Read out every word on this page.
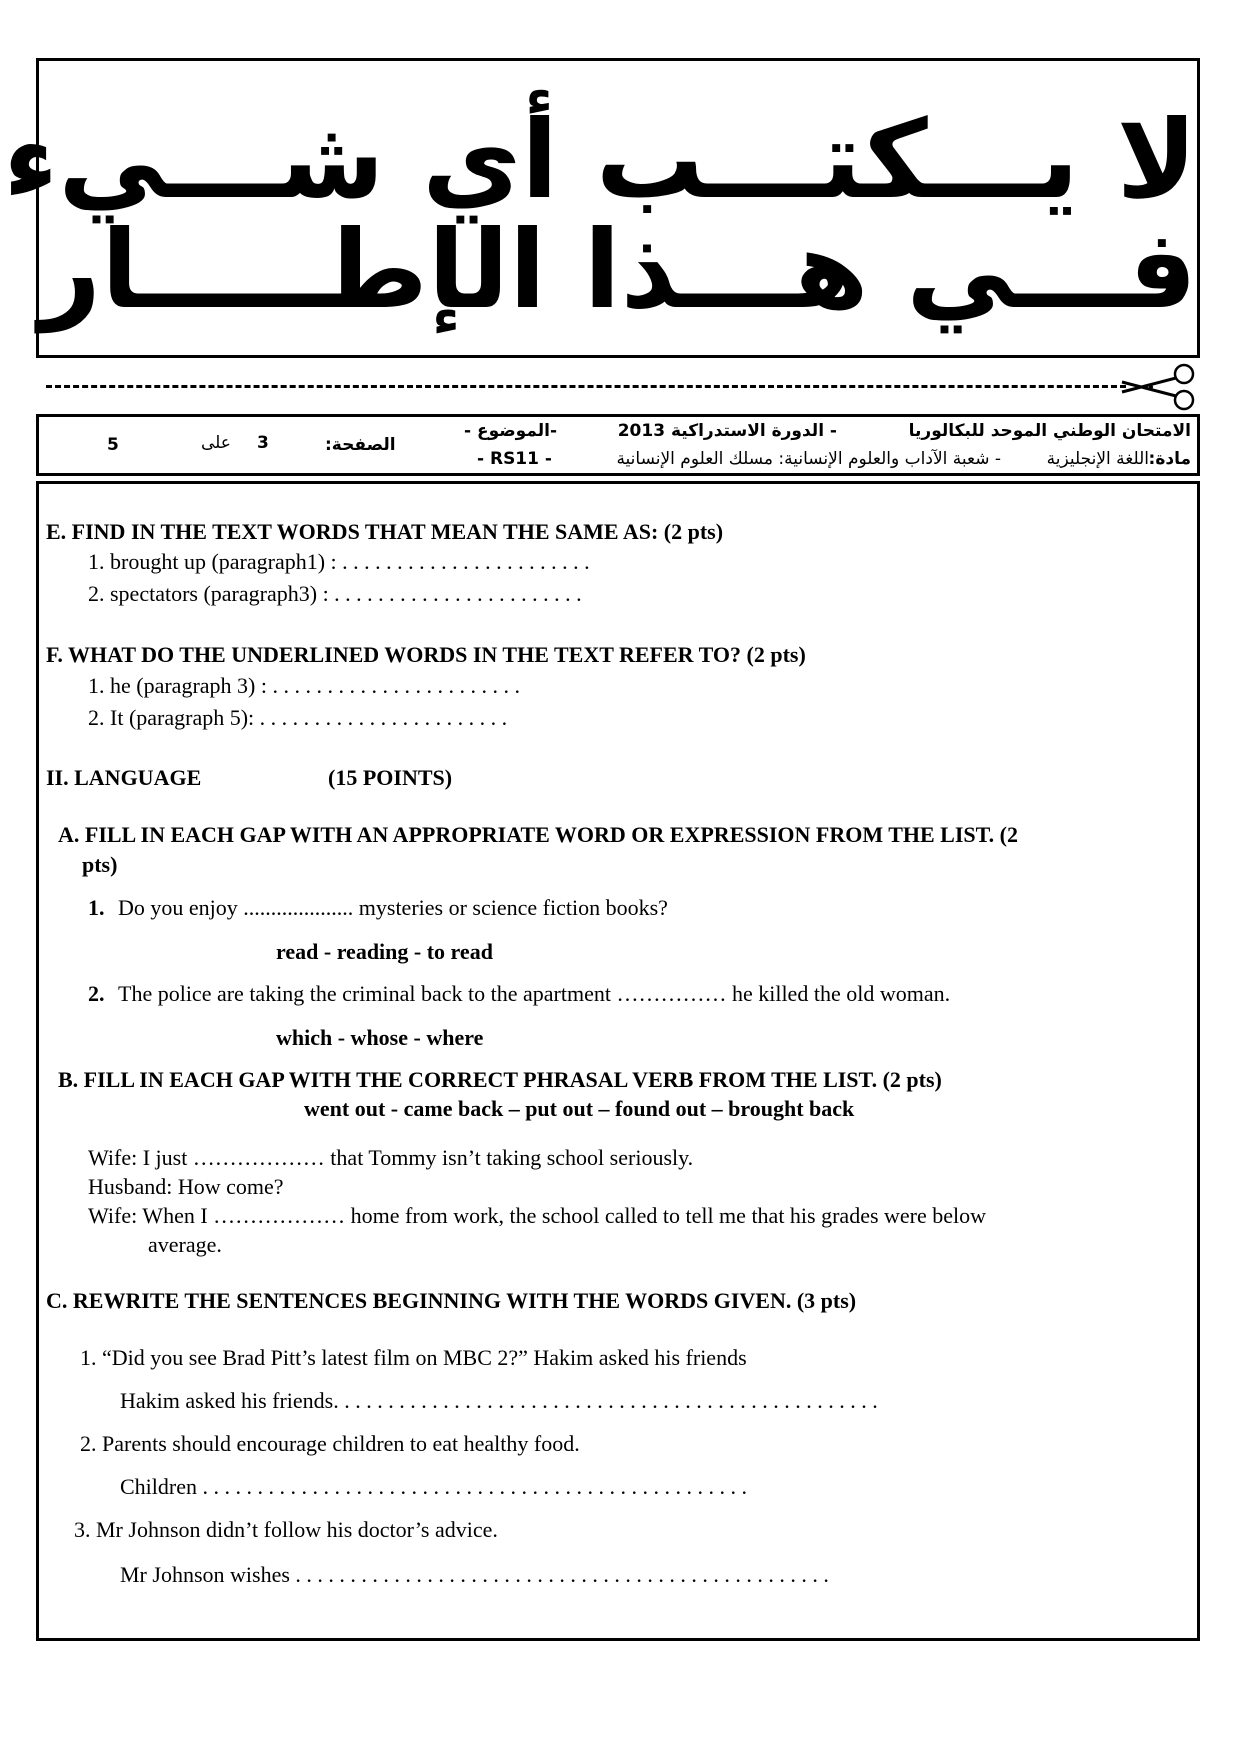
لا يـــكتـــب أي شـــيء
فـــي هـــذا الإطـــــار
الامتحان الوطني الموحد للبكالوريا
- الدورة الاستدراكية 2013
-الموضوع -
مادة:
اللغة الإنجليزية
- شعبة الآداب والعلوم الإنسانية: مسلك العلوم الإنسانية
- RS11 -
الصفحة:
3
على
5
E. FIND IN THE TEXT WORDS THAT MEAN THE SAME AS: (2 pts)
1. brought up (paragraph1) : . . . . . . . . . . . . . . . . . . . . . . .
2. spectators (paragraph3) : . . . . . . . . . . . . . . . . . . . . . . .
F. WHAT DO THE UNDERLINED WORDS IN THE TEXT REFER TO? (2 pts)
1. he (paragraph 3) : . . . . . . . . . . . . . . . . . . . . . . .
2. It (paragraph 5): . . . . . . . . . . . . . . . . . . . . . . .
II. LANGUAGE	(15 POINTS)
A. FILL IN EACH GAP WITH AN APPROPRIATE WORD OR EXPRESSION FROM THE LIST. (2
pts)
1. Do you enjoy .................... mysteries or science fiction books?
read - reading - to read
2. The police are taking the criminal back to the apartment …………… he killed the old woman.
which - whose - where
B. FILL IN EACH GAP WITH THE CORRECT PHRASAL VERB FROM THE LIST. (2 pts)
went out - came back – put out – found out – brought back
Wife: I just ……………… that Tommy isn’t taking school seriously.
Husband: How come?
Wife: When I ……………… home from work, the school called to tell me that his grades were below
average.
C. REWRITE THE SENTENCES BEGINNING WITH THE WORDS GIVEN. (3 pts)
1. “Did you see Brad Pitt’s latest film on MBC 2?” Hakim asked his friends
Hakim asked his friends. . . . . . . . . . . . . . . . . . . . . . . . . . . . . . . . . . . . . . . . . . . . . . . . . .
2. Parents should encourage children to eat healthy food.
Children . . . . . . . . . . . . . . . . . . . . . . . . . . . . . . . . . . . . . . . . . . . . . . . . . .
3. Mr Johnson didn’t follow his doctor’s advice.
Mr Johnson wishes . . . . . . . . . . . . . . . . . . . . . . . . . . . . . . . . . . . . . . . . . . . . . . . . .
